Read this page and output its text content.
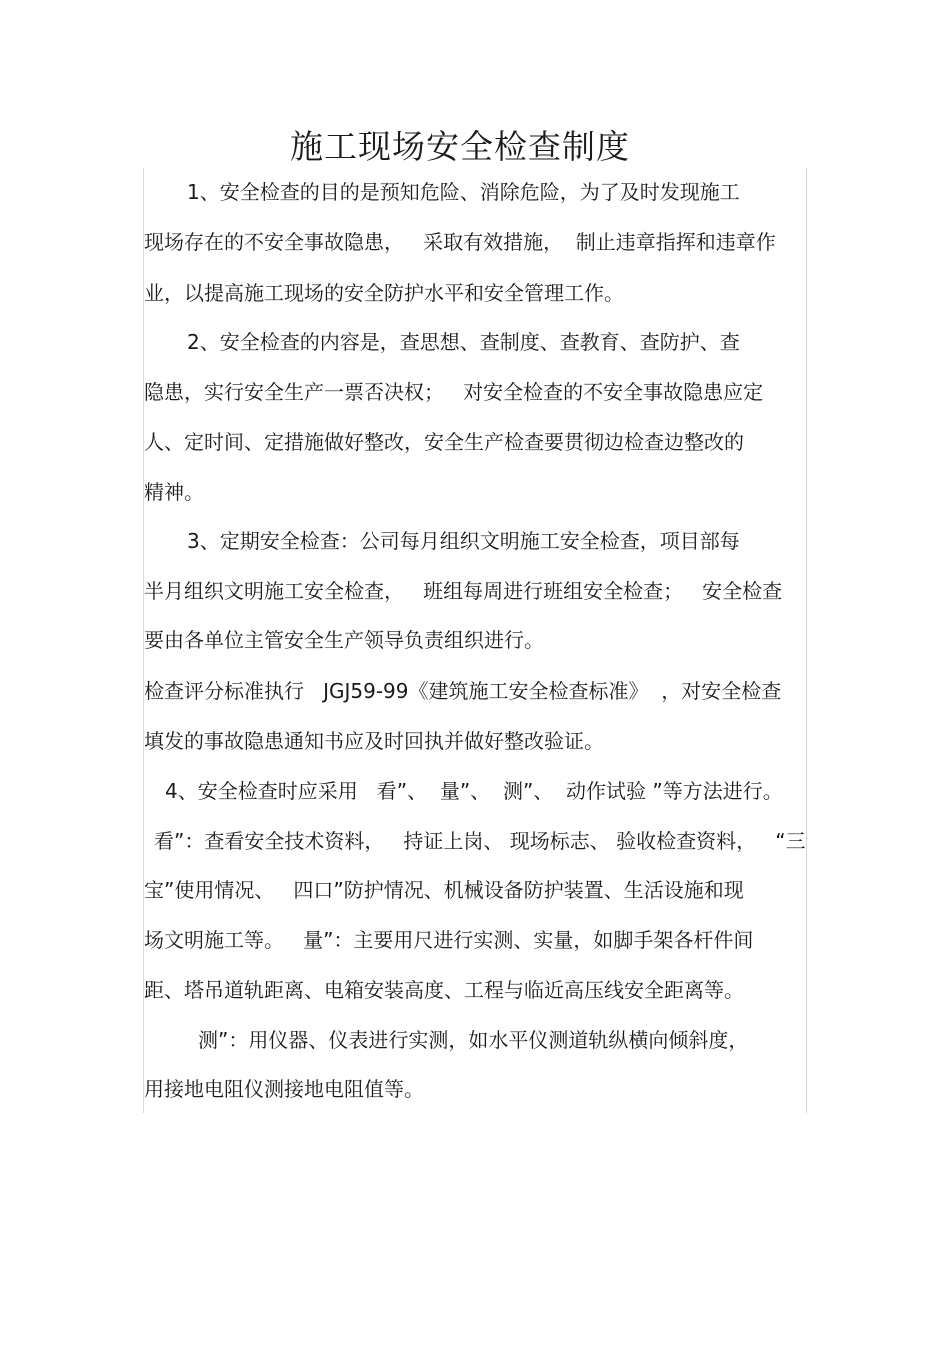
施工现场安全检查制度
1、安全检查的目的是预知危险、消除危险，为了及时发现施工
现场存在的不安全事故隐患，   采取有效措施，  制止违章指挥和违章作
业，以提高施工现场的安全防护水平和安全管理工作。
2、安全检查的内容是，查思想、查制度、查教育、查防护、查
隐患，实行安全生产一票否决权；   对安全检查的不安全事故隐患应定
人、定时间、定措施做好整改，安全生产检查要贯彻边检查边整改的
精神。
3、定期安全检查：公司每月组织文明施工安全检查，项目部每
半月组织文明施工安全检查，   班组每周进行班组安全检查；   安全检查
要由各单位主管安全生产领导负责组织进行。
检查评分标准执行   JGJ59-99《建筑施工安全检查标准》  ，对安全检查
填发的事故隐患通知书应及时回执并做好整改验证。
4、安全检查时应采用   看”、  量”、  测”、  动作试验 ”等方法进行。
看”：查看安全技术资料，   持证上岗、 现场标志、 验收检查资料，   “三
宝”使用情况、   四口”防护情况、机械设备防护装置、生活设施和现
场文明施工等。   量”：主要用尺进行实测、实量，如脚手架各杆件间
距、塔吊道轨距离、电箱安装高度、工程与临近高压线安全距离等。
测”：用仪器、仪表进行实测，如水平仪测道轨纵横向倾斜度，
用接地电阻仪测接地电阻值等。
